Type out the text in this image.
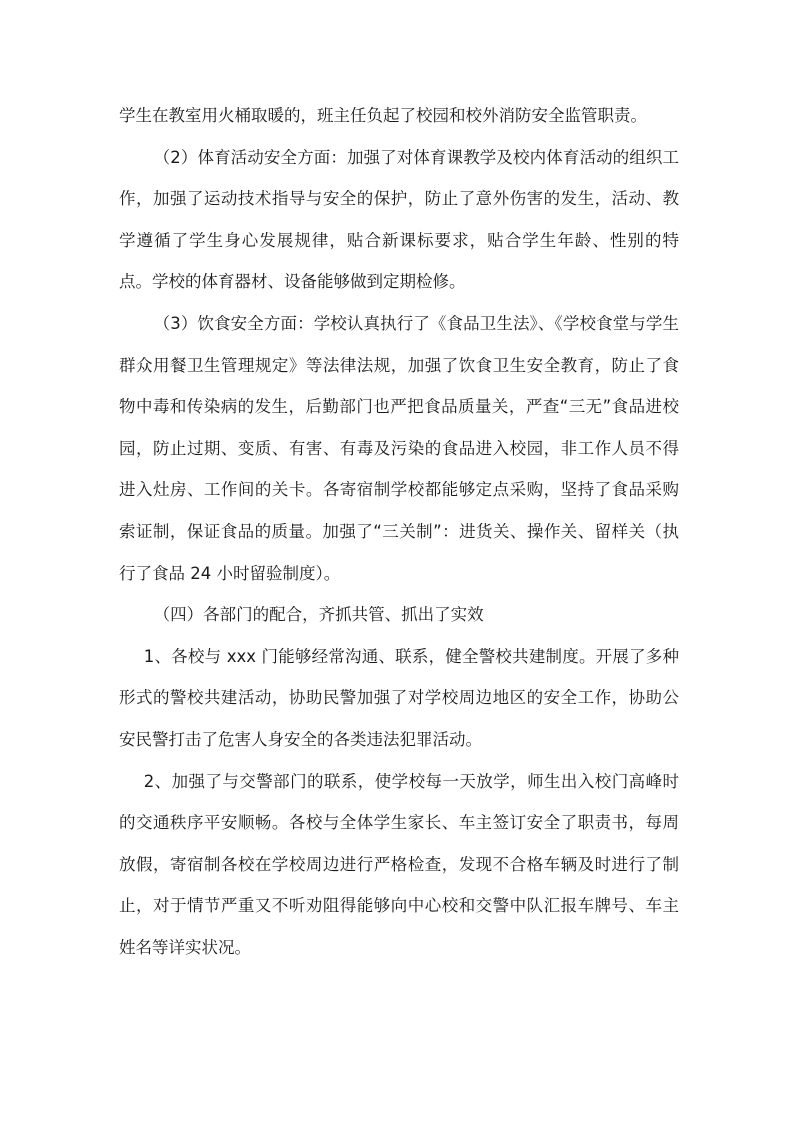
学生在教室用火桶取暖的，班主任负起了校园和校外消防安全监管职责。

（2）体育活动安全方面：加强了对体育课教学及校内体育活动的组织工作，加强了运动技术指导与安全的保护，防止了意外伤害的发生，活动、教学遵循了学生身心发展规律，贴合新课标要求，贴合学生年龄、性别的特点。学校的体育器材、设备能够做到定期检修。

（3）饮食安全方面：学校认真执行了《食品卫生法》、《学校食堂与学生群众用餐卫生管理规定》等法律法规，加强了饮食卫生安全教育，防止了食物中毒和传染病的发生，后勤部门也严把食品质量关，严查“三无”食品进校园，防止过期、变质、有害、有毒及污染的食品进入校园，非工作人员不得进入灶房、工作间的关卡。各寄宿制学校都能够定点采购，坚持了食品采购索证制，保证食品的质量。加强了“三关制”：进货关、操作关、留样关（执行了食品 24 小时留验制度）。

（四）各部门的配合，齐抓共管、抓出了实效

1、各校与 xxx 门能够经常沟通、联系，健全警校共建制度。开展了多种形式的警校共建活动，协助民警加强了对学校周边地区的安全工作，协助公安民警打击了危害人身安全的各类违法犯罪活动。

2、加强了与交警部门的联系，使学校每一天放学，师生出入校门高峰时的交通秩序平安顺畅。各校与全体学生家长、车主签订安全了职责书，每周放假，寄宿制各校在学校周边进行严格检查，发现不合格车辆及时进行了制止，对于情节严重又不听劝阻得能够向中心校和交警中队汇报车牌号、车主姓名等详实状况。
